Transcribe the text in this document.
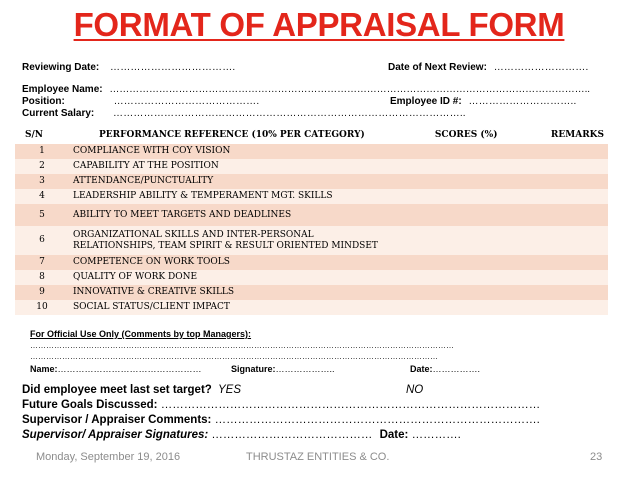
FORMAT OF APPRAISAL FORM
Reviewing Date: ……………………………….	Date of Next Review: ……………………….
Employee Name: ………………………………………………………………………………………………………………………………..
Position:	…………………………………….	Employee ID #: …………………………..
Current Salary: …………………………………………………………………………………………..
S/N	PERFORMANCE REFERENCE (10% PER CATEGORY)	SCORES (%)	REMARKS
1	COMPLIANCE WITH COY VISION		
2	CAPABILITY AT THE POSITION		
3	ATTENDANCE/PUNCTUALITY		
4	LEADERSHIP ABILITY & TEMPERAMENT MGT. SKILLS		
5	ABILITY TO MEET TARGETS AND DEADLINES		
6	ORGANIZATIONAL SKILLS AND INTER-PERSONAL
RELATIONSHIPS, TEAM SPIRIT & RESULT ORIENTED MINDSET		

7	COMPETENCE ON WORK TOOLS		
8	QUALITY OF WORK DONE		
9	INNOVATIVE & CREATIVE SKILLS		
10	SOCIAL STATUS/CLIENT IMPACT		
For Official Use Only (Comments by top Managers):
……………………………………………………………………………………………………………………………………………
………………………………………………………………………………………………………………………………………
Name:…………………………………………	Signature:………………..	Date:…………….
Did employee meet last set target? YES	NO
Future Goals Discussed: ………………………………………………………………………………………
Supervisor / Appraiser Comments: ………………………………………………………………………….
Supervisor/ Appraiser Signatures: …………………………………… Date: ………….
Monday, September 19, 2016	THRUSTAZ ENTITIES & CO.	23
